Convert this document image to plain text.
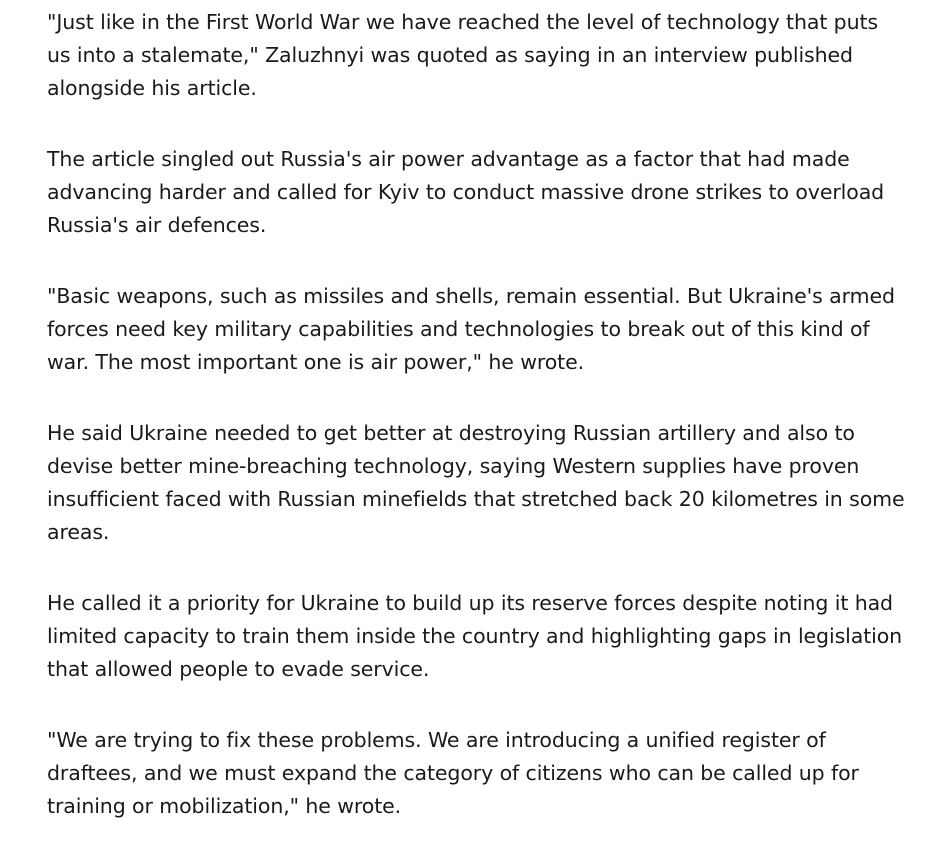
"Just like in the First World War we have reached the level of technology that puts us into a stalemate," Zaluzhnyi was quoted as saying in an interview published alongside his article.

The article singled out Russia's air power advantage as a factor that had made advancing harder and called for Kyiv to conduct massive drone strikes to overload Russia's air defences.

"Basic weapons, such as missiles and shells, remain essential. But Ukraine's armed forces need key military capabilities and technologies to break out of this kind of war. The most important one is air power," he wrote.

He said Ukraine needed to get better at destroying Russian artillery and also to devise better mine-breaching technology, saying Western supplies have proven insufficient faced with Russian minefields that stretched back 20 kilometres in some areas.

He called it a priority for Ukraine to build up its reserve forces despite noting it had limited capacity to train them inside the country and highlighting gaps in legislation that allowed people to evade service.

"We are trying to fix these problems. We are introducing a unified register of draftees, and we must expand the category of citizens who can be called up for training or mobilization," he wrote.
